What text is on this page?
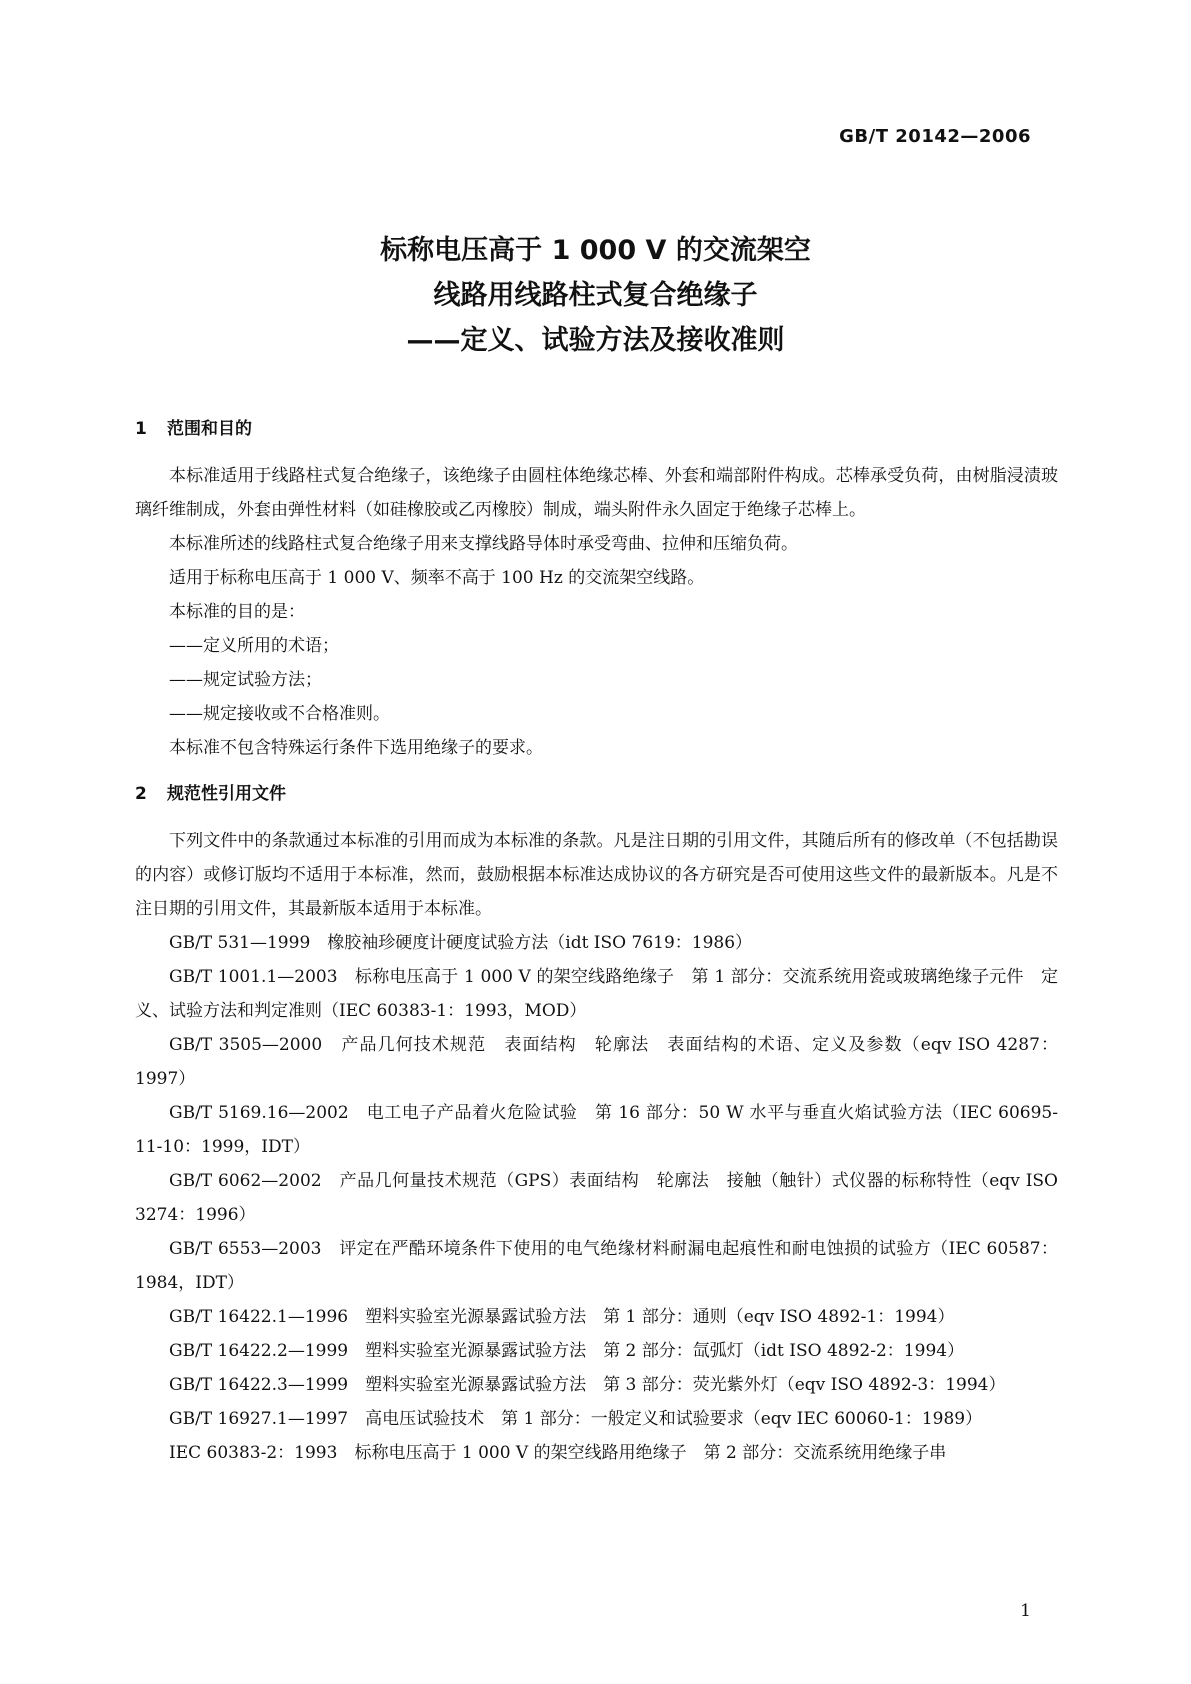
GB/T 20142—2006
标称电压高于 1 000 V 的交流架空
线路用线路柱式复合绝缘子
——定义、试验方法及接收准则
1 范围和目的
本标准适用于线路柱式复合绝缘子，该绝缘子由圆柱体绝缘芯棒、外套和端部附件构成。芯棒承受负荷，由树脂浸渍玻璃纤维制成，外套由弹性材料（如硅橡胶或乙丙橡胶）制成，端头附件永久固定于绝缘子芯棒上。
本标准所述的线路柱式复合绝缘子用来支撑线路导体时承受弯曲、拉伸和压缩负荷。
适用于标称电压高于 1 000 V、频率不高于 100 Hz 的交流架空线路。
本标准的目的是：
——定义所用的术语；
——规定试验方法；
——规定接收或不合格准则。
本标准不包含特殊运行条件下选用绝缘子的要求。
2 规范性引用文件
下列文件中的条款通过本标准的引用而成为本标准的条款。凡是注日期的引用文件，其随后所有的修改单（不包括勘误的内容）或修订版均不适用于本标准，然而，鼓励根据本标准达成协议的各方研究是否可使用这些文件的最新版本。凡是不注日期的引用文件，其最新版本适用于本标准。
GB/T 531—1999　橡胶袖珍硬度计硬度试验方法（idt ISO 7619：1986）
GB/T 1001.1—2003　标称电压高于 1 000 V 的架空线路绝缘子　第 1 部分：交流系统用瓷或玻璃绝缘子元件　定义、试验方法和判定准则（IEC 60383-1：1993，MOD）
GB/T 3505—2000　产品几何技术规范　表面结构　轮廓法　表面结构的术语、定义及参数（eqv ISO 4287：1997）
GB/T 5169.16—2002　电工电子产品着火危险试验　第 16 部分：50 W 水平与垂直火焰试验方法（IEC 60695-11-10：1999，IDT）
GB/T 6062—2002　产品几何量技术规范（GPS）表面结构　轮廓法　接触（触针）式仪器的标称特性（eqv ISO 3274：1996）
GB/T 6553—2003　评定在严酷环境条件下使用的电气绝缘材料耐漏电起痕性和耐电蚀损的试验方（IEC 60587：1984，IDT）
GB/T 16422.1—1996　塑料实验室光源暴露试验方法　第 1 部分：通则（eqv ISO 4892-1：1994）
GB/T 16422.2—1999　塑料实验室光源暴露试验方法　第 2 部分：氙弧灯（idt ISO 4892-2：1994）
GB/T 16422.3—1999　塑料实验室光源暴露试验方法　第 3 部分：荧光紫外灯（eqv ISO 4892-3：1994）
GB/T 16927.1—1997　高电压试验技术　第 1 部分：一般定义和试验要求（eqv IEC 60060-1：1989）
IEC 60383-2：1993　标称电压高于 1 000 V 的架空线路用绝缘子　第 2 部分：交流系统用绝缘子串
1
